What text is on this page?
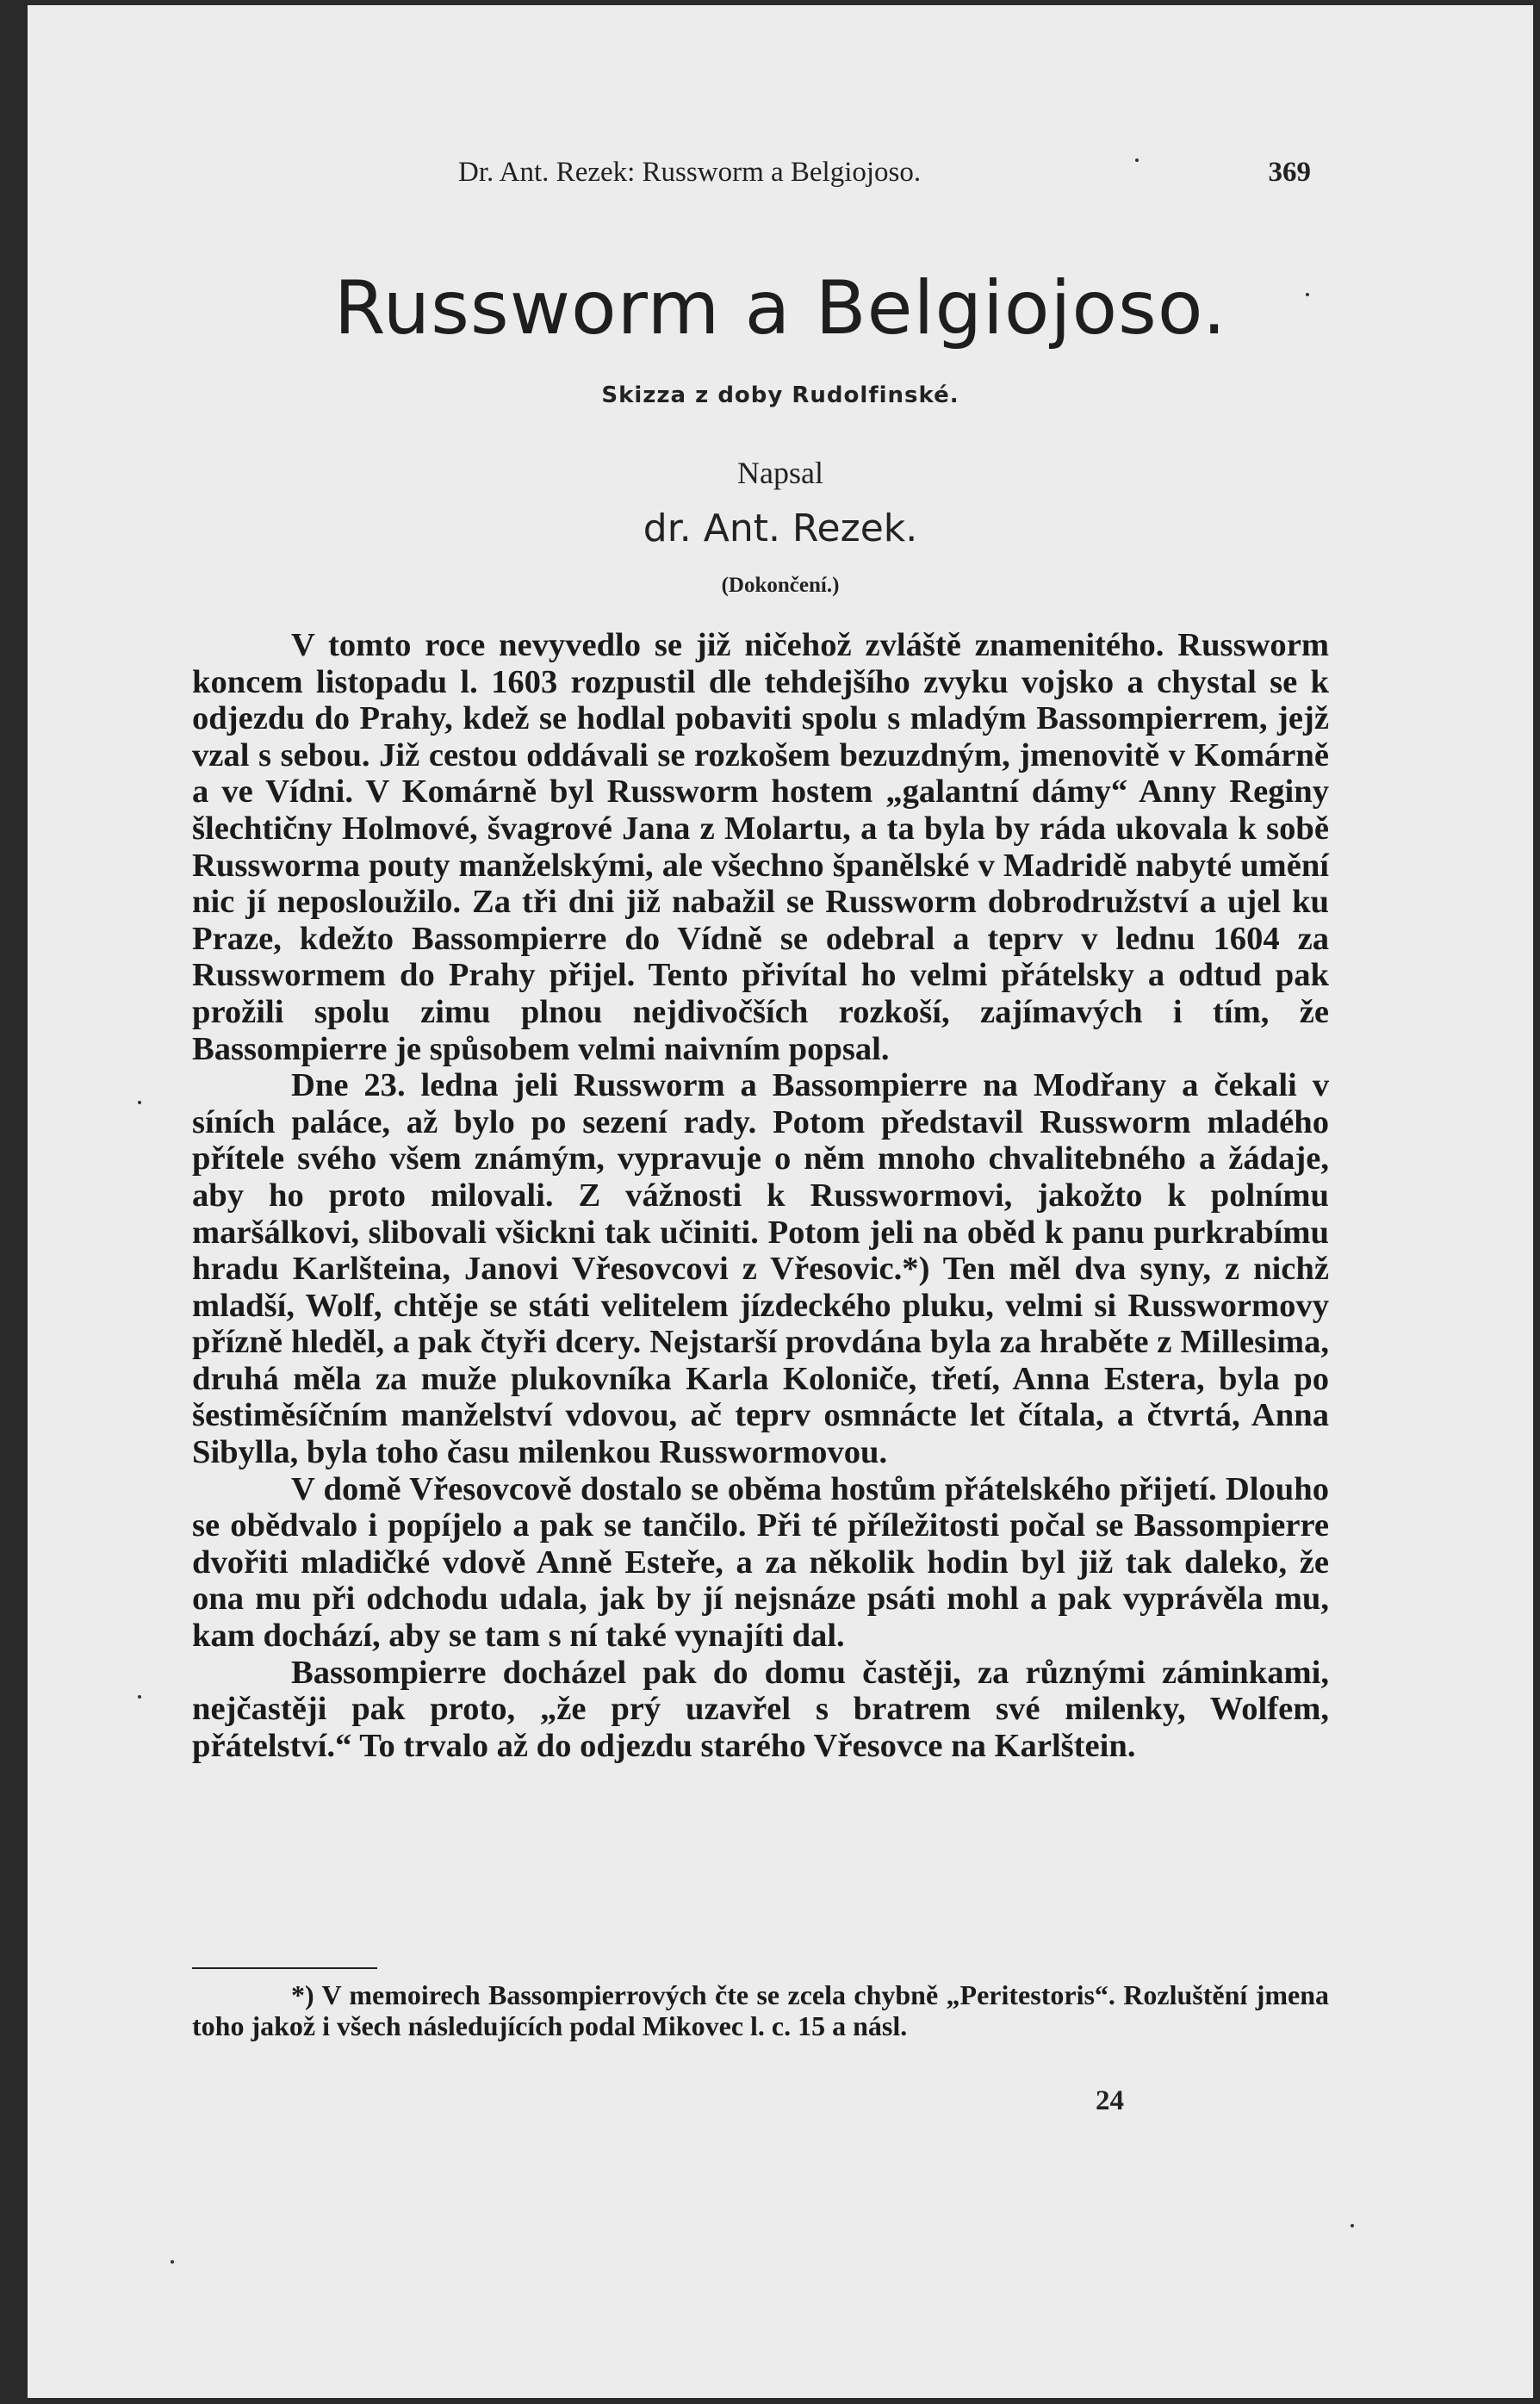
Dr. Ant. Rezek: Russworm a Belgiojoso.	369
Russworm a Belgiojoso.
Skizza z doby Rudolfinské.
Napsal
dr. Ant. Rezek.
(Dokončení.)

V tomto roce nevyvedlo se již ničehož zvláště znamenitého. Russworm koncem listopadu l. 1603 rozpustil dle tehdejšího zvyku vojsko a chystal se k odjezdu do Prahy, kdež se hodlal pobaviti spolu s mladým Bassompierrem, jejž vzal s sebou. Již cestou oddávali se rozkošem bezuzdným, jmenovitě v Komárně a ve Vídni. V Komárně byl Russworm hostem „galantní dámy“ Anny Reginy šlechtičny Holmové, švagrové Jana z Molartu, a ta byla by ráda ukovala k sobě Russworma pouty manželskými, ale všechno španělské v Madridě nabyté umění nic jí neposloužilo. Za tři dni již nabažil se Russworm dobrodružství a ujel ku Praze, kdežto Bassompierre do Vídně se odebral a teprv v lednu 1604 za Russwormem do Prahy přijel. Tento přivítal ho velmi přátelsky a odtud pak prožili spolu zimu plnou nejdivočších rozkoší, zajímavých i tím, že Bassompierre je spůsobem velmi naivním popsal.

Dne 23. ledna jeli Russworm a Bassompierre na Modřany a čekali v síních paláce, až bylo po sezení rady. Potom představil Russworm mladého přítele svého všem známým, vypravuje o něm mnoho chvalitebného a žádaje, aby ho proto milovali. Z vážnosti k Russwormovi, jakožto k polnímu maršálkovi, slibovali všickni tak učiniti. Potom jeli na oběd k panu purkrabímu hradu Karlšteina, Janovi Vřesovcovi z Vřesovic.*) Ten měl dva syny, z nichž mladší, Wolf, chtěje se státi velitelem jízdeckého pluku, velmi si Russwormovy přízně hleděl, a pak čtyři dcery. Nejstarší provdána byla za hraběte z Millesima, druhá měla za muže plukovníka Karla Koloniče, třetí, Anna Estera, byla po šestiměsíčním manželství vdovou, ač teprv osmnácte let čítala, a čtvrtá, Anna Sibylla, byla toho času milenkou Russwormovou.

V domě Vřesovcově dostalo se oběma hostům přátelského přijetí. Dlouho se obědvalo i popíjelo a pak se tančilo. Při té příležitosti počal se Bassompierre dvořiti mladičké vdově Anně Esteře, a za několik hodin byl již tak daleko, že ona mu při odchodu udala, jak by jí nejsnáze psáti mohl a pak vyprávěla mu, kam dochází, aby se tam s ní také vynajíti dal.

Bassompierre docházel pak do domu častěji, za různými záminkami, nejčastěji pak proto, „že prý uzavřel s bratrem své milenky, Wolfem, přátelství.“ To trvalo až do odjezdu starého Vřesovce na Karlštein.

*) V memoirech Bassompierrových čte se zcela chybně „Peritestoris“. Rozluštění jmena toho jakož i všech následujících podal Mikovec l. c. 15 a násl.

24
